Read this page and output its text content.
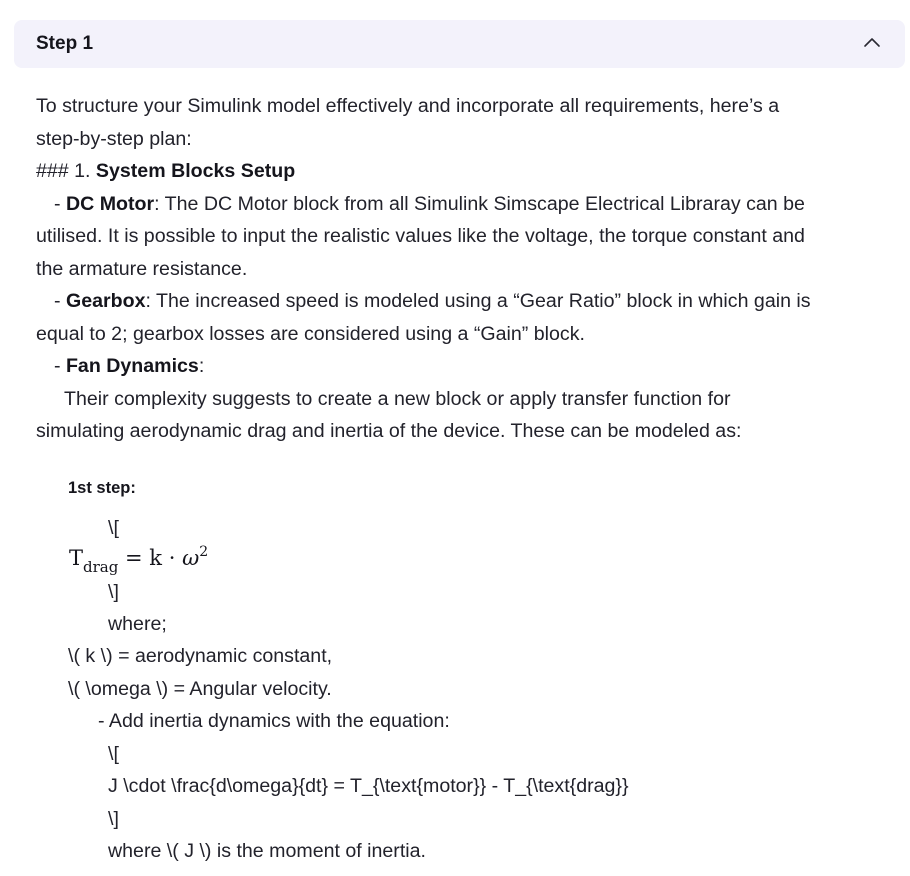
Step 1

To structure your Simulink model effectively and incorporate all requirements, here’s a

step-by-step plan:

### 1. System Blocks Setup

- DC Motor: The DC Motor block from all Simulink Simscape Electrical Libraray can be

utilised. It is possible to input the realistic values like the voltage, the torque constant and

the armature resistance.

- Gearbox: The increased speed is modeled using a “Gear Ratio” block in which gain is

equal to 2; gearbox losses are considered using a “Gain” block.

- Fan Dynamics:

Their complexity suggests to create a new block or apply transfer function for

simulating aerodynamic drag and inertia of the device. These can be modeled as:

1st step:
\[
$T_{drag} = k \cdot \omega^2$
\]
where;
\( k \) = aerodynamic constant,
\( \omega \) = Angular velocity.
- Add inertia dynamics with the equation:
\[
J \cdot \frac{d\omega}{dt} = T_{\text{motor}} - T_{\text{drag}}
\]
where \( J \) is the moment of inertia.
